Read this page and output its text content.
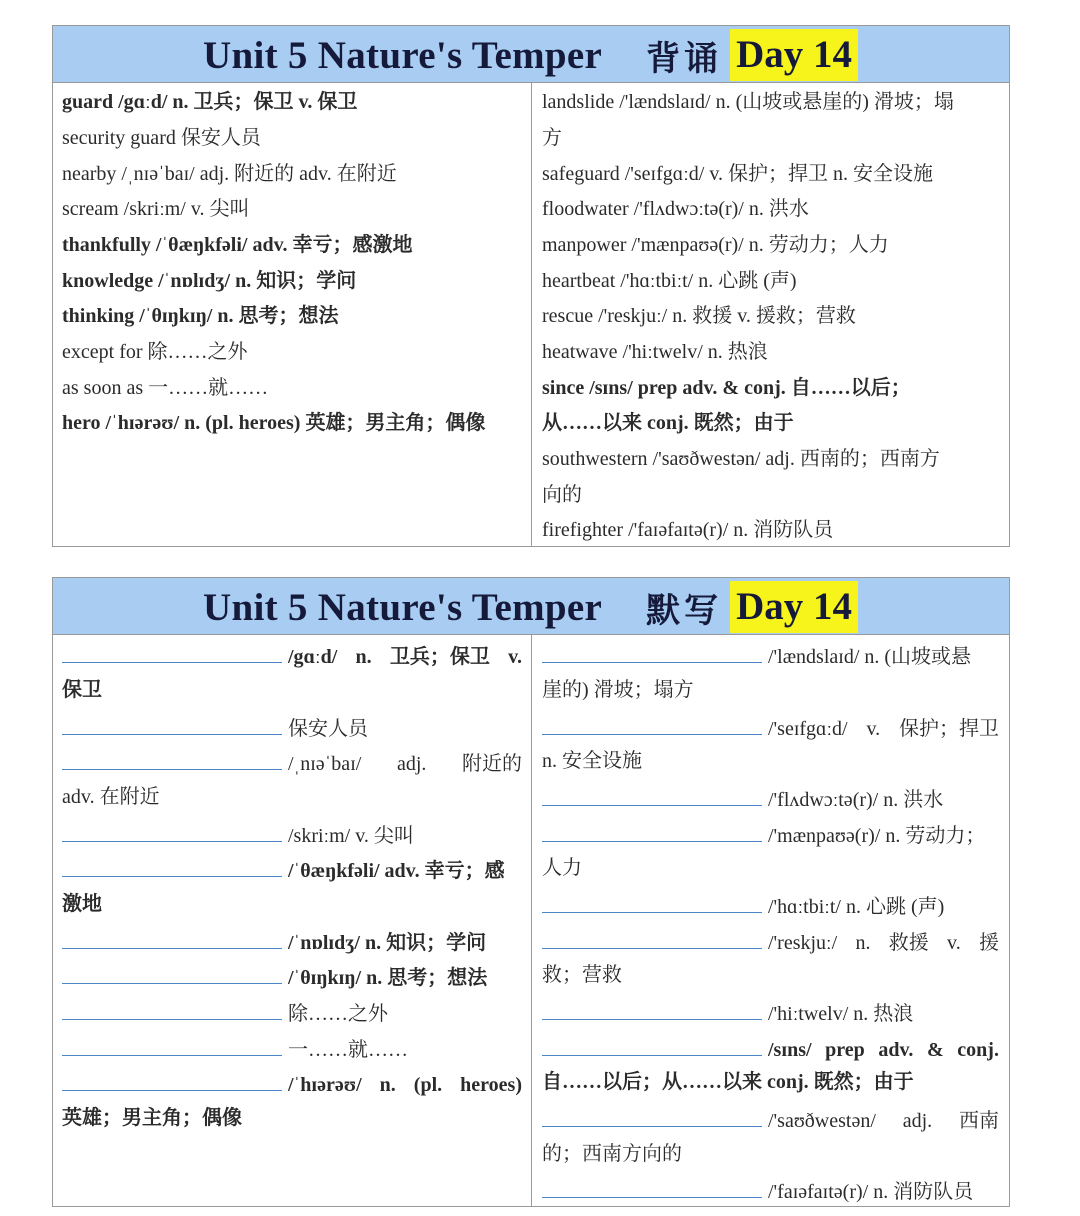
Unit 5 Nature's Temper 背诵 Day 14
guard /gɑːd/ n. 卫兵；保卫 v. 保卫
security guard 保安人员
nearby /ˌnɪəˈbaɪ/ adj. 附近的 adv. 在附近
scream /skriːm/ v. 尖叫
thankfully /ˈθæŋkfəli/ adv. 幸亏；感激地
knowledge /ˈnɒlɪdʒ/ n. 知识；学问
thinking /ˈθɪŋkɪŋ/ n. 思考；想法
except for 除……之外
as soon as 一……就……
hero /ˈhɪərəʊ/ n. (pl. heroes) 英雄；男主角；偶像
landslide /'lændslaɪd/ n. (山坡或悬崖的) 滑坡；塌
方
safeguard /'seɪfgɑːd/ v. 保护；捍卫 n. 安全设施
floodwater /'flʌdwɔːtə(r)/ n. 洪水
manpower /'mænpaʊə(r)/ n. 劳动力；人力
heartbeat /'hɑːtbiːt/ n. 心跳 (声)
rescue /'reskjuː/ n. 救援 v. 援救；营救
heatwave /'hiːtwelv/ n. 热浪
since /sɪns/ prep adv. & conj. 自……以后；
从……以来 conj. 既然；由于
southwestern /'saʊðwestən/ adj. 西南的；西南方
向的
firefighter /'faɪəfaɪtə(r)/ n. 消防队员
Unit 5 Nature's Temper 默写 Day 14
/gɑːd/ n. 卫兵；保卫 v.
保卫
保安人员
/ˌnɪəˈbaɪ/ adj. 附近的
adv. 在附近
/skriːm/ v. 尖叫
/ˈθæŋkfəli/ adv. 幸亏；感
激地
/ˈnɒlɪdʒ/ n. 知识；学问
/ˈθɪŋkɪŋ/ n. 思考；想法
除……之外
一……就……
/ˈhɪərəʊ/ n. (pl. heroes)
英雄；男主角；偶像
/'lændslaɪd/ n. (山坡或悬
崖的) 滑坡；塌方
/'seɪfgɑːd/ v. 保护；捍卫
n. 安全设施
/'flʌdwɔːtə(r)/ n. 洪水
/'mænpaʊə(r)/ n. 劳动力；
人力
/'hɑːtbiːt/ n. 心跳 (声)
/'reskjuː/ n. 救援 v. 援
救；营救
/'hiːtwelv/ n. 热浪
/sɪns/ prep adv. & conj.
自……以后；从……以来 conj. 既然；由于
/'saʊðwestən/ adj. 西南
的；西南方向的
/'faɪəfaɪtə(r)/ n. 消防队员
